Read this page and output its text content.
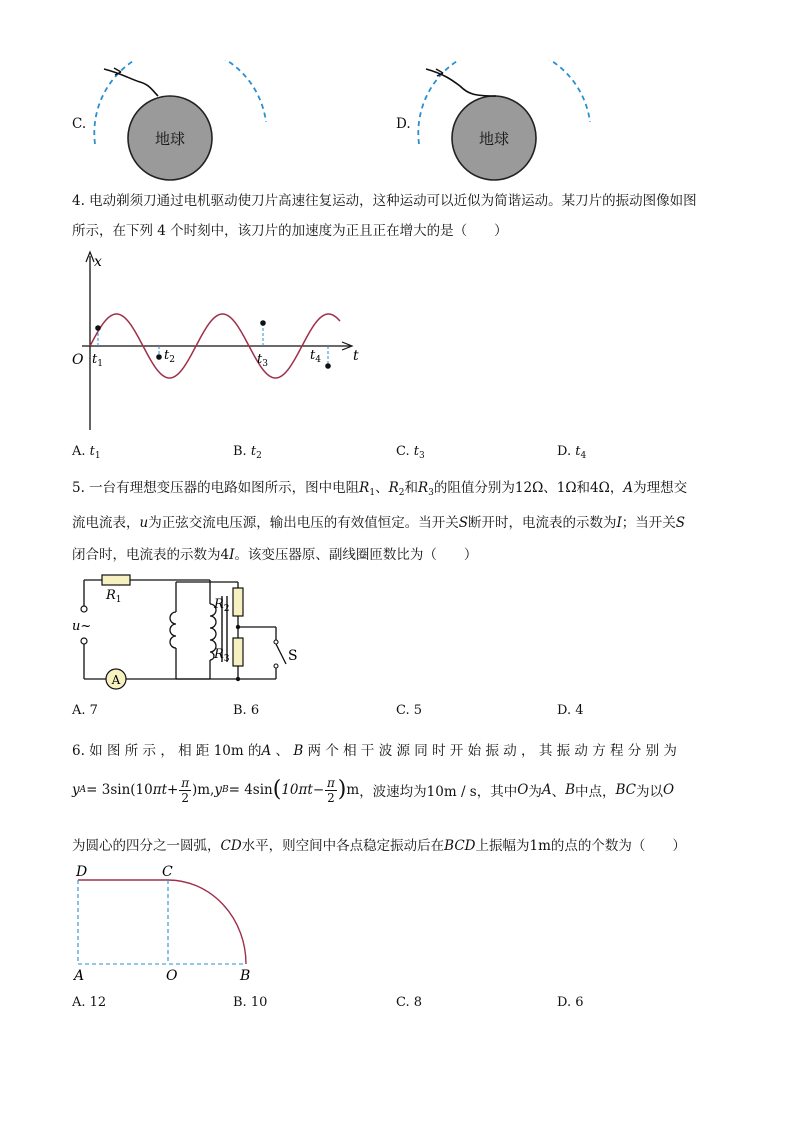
C.
地球
D.
地球
4. 电动剃须刀通过电机驱动使刀片高速往复运动，这种运动可以近似为简谐运动。某刀片的振动图像如图
所示，在下列 4 个时刻中，该刀片的加速度为正且正在增大的是（　　）
x
t
O $t_1$
$t_2$	$t_3$
$t_4$
A. $t_1$	B. $t_2$	C. $t_3$	D. $t_4$
5. 一台有理想变压器的电路如图所示，图中电阻$R_1$、$R_2$和$R_3$的阻值分别为12Ω、1Ω和4Ω，A为理想交
流电流表，u为正弦交流电压源，输出电压的有效值恒定。当开关S断开时，电流表的示数为I；当开关S
闭合时，电流表的示数为4I。该变压器原、副线圈匝数比为（　　）
u~
$R_1$
A
S
$R_2$
$R_3$
A. 7	B. 6	C. 5	D. 4
6. 如 图 所 示 ， 相 距 10m 的A 、 B 两 个 相 干 波 源 同 时 开 始 振 动 ， 其 振 动 方 程 分 别 为
y A = 3sin(10 $\pi t + \frac{\pi}{2} )m$, y B = 4sin ( $10\pi t - \frac{\pi}{2}$ ) m ，波速均为10m / s，其中 O 为 A 、 B 中点， BC 为以 O
为圆心的四分之一圆弧，CD水平，则空间中各点稳定振动后在BCD上振幅为1m的点的个数为（　　）
D	C
A	O	B
A. 12	B. 10	C. 8	D. 6
